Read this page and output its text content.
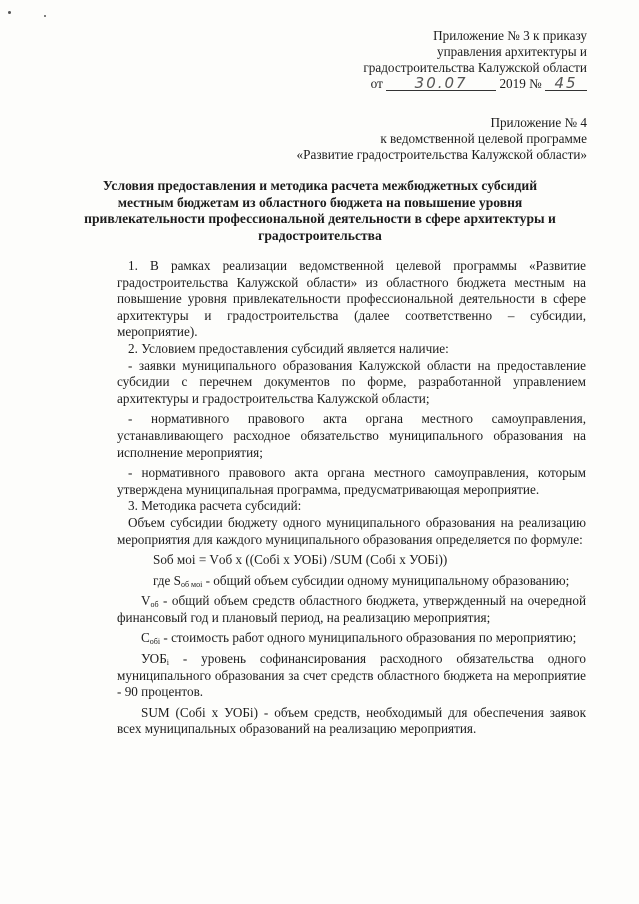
Приложение № 3 к приказу
управления архитектуры и
градостроительства Калужской области
от 30.07 2019 № 45
Приложение № 4
к ведомственной целевой программе
«Развитие градостроительства Калужской области»
Условия предоставления и методика расчета межбюджетных субсидий местным бюджетам из областного бюджета на повышение уровня привлекательности профессиональной деятельности в сфере архитектуры и градостроительства

1. В рамках реализации ведомственной целевой программы «Развитие градостроительства Калужской области» из областного бюджета местным на повышение уровня привлекательности профессиональной деятельности в сфере архитектуры и градостроительства (далее соответственно – субсидии, мероприятие).

2. Условием предоставления субсидий является наличие:

- заявки муниципального образования Калужской области на предоставление субсидии с перечнем документов по форме, разработанной управлением архитектуры и градостроительства Калужской области;

- нормативного правового акта органа местного самоуправления, устанавливающего расходное обязательство муниципального образования на исполнение мероприятия;

- нормативного правового акта органа местного самоуправления, которым утверждена муниципальная программа, предусматривающая мероприятие.

3. Методика расчета субсидий:

Объем субсидии бюджету одного муниципального образования на реализацию мероприятия для каждого муниципального образования определяется по формуле:

Sоб моi = Vоб х ((Собi х УОБi) /SUM (Собi х УОБi))

где $S_{об моi}$ - общий объем субсидии одному муниципальному образованию;

$V_{об}$ - общий объем средств областного бюджета, утвержденный на очередной финансовый год и плановый период, на реализацию мероприятия;

$С_{обi}$ - стоимость работ одного муниципального образования по мероприятию;

$УОБ_i$ - уровень софинансирования расходного обязательства одного муниципального образования за счет средств областного бюджета на мероприятие - 90 процентов.

SUM (Собi х УОБi) - объем средств, необходимый для обеспечения заявок всех муниципальных образований на реализацию мероприятия.
